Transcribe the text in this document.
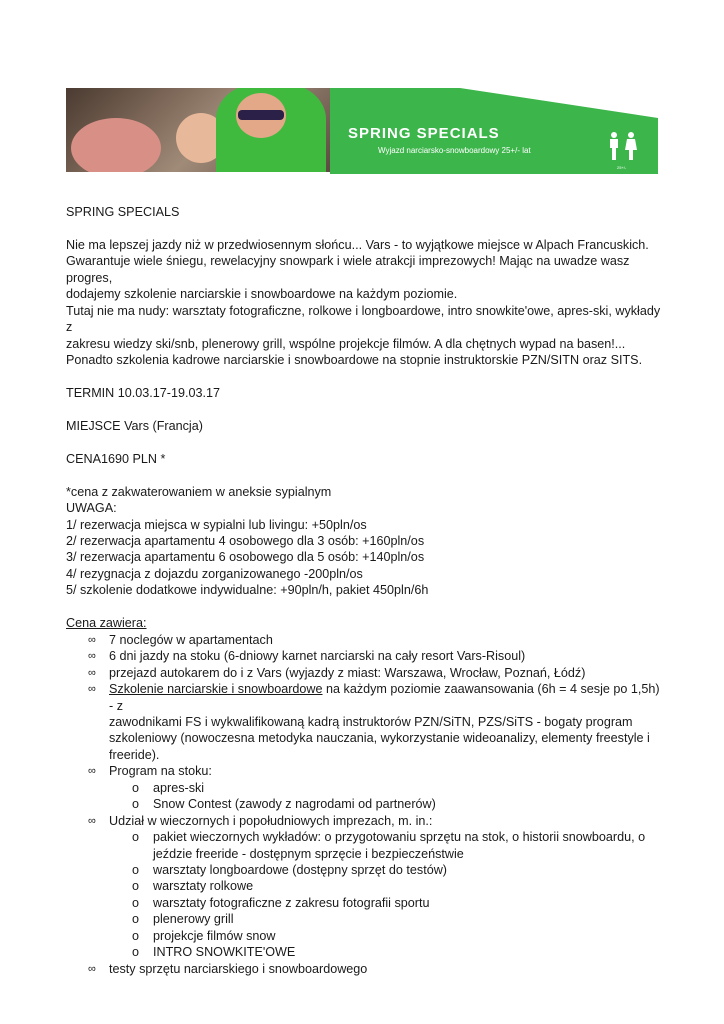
SPRING SPECIALS
Wyjazd narciarsko-snowboardowy 25+/- lat
25+/-

SPRING SPECIALS

Nie ma lepszej jazdy niż w przedwiosennym słońcu... Vars - to wyjątkowe miejsce w Alpach Francuskich.

Gwarantuje wiele śniegu, rewelacyjny snowpark i wiele atrakcji imprezowych! Mając na uwadze wasz progres,

dodajemy szkolenie narciarskie i snowboardowe na każdym poziomie.

Tutaj nie ma nudy: warsztaty fotograficzne, rolkowe i longboardowe, intro snowkite'owe, apres-ski, wykłady z

zakresu wiedzy ski/snb, plenerowy grill, wspólne projekcje filmów. A dla chętnych wypad na basen!...

Ponadto szkolenia kadrowe narciarskie i snowboardowe na stopnie instruktorskie PZN/SITN oraz SITS.

TERMIN 10.03.17-19.03.17

MIEJSCE Vars (Francja)

CENA1690 PLN *

*cena z zakwaterowaniem w aneksie sypialnym

UWAGA:

1/ rezerwacja miejsca w sypialni lub livingu: +50pln/os

2/ rezerwacja apartamentu 4 osobowego dla 3 osób: +160pln/os

3/ rezerwacja apartamentu 6 osobowego dla 5 osób: +140pln/os

4/ rezygnacja z dojazdu zorganizowanego -200pln/os

5/ szkolenie dodatkowe indywidualne: +90pln/h, pakiet 450pln/6h

Cena zawiera:

∞ 7 noclegów w apartamentach
∞ 6 dni jazdy na stoku (6-dniowy karnet narciarski na cały resort Vars-Risoul)
∞ przejazd autokarem do i z Vars (wyjazdy z miast: Warszawa, Wrocław, Poznań, Łódź)
∞ Szkolenie narciarskie i snowboardowe na każdym poziomie zaawansowania (6h = 4 sesje po 1,5h) - z
zawodnikami FS i wykwalifikowaną kadrą instruktorów PZN/SiTN, PZS/SiTS - bogaty program
szkoleniowy (nowoczesna metodyka nauczania, wykorzystanie wideoanalizy, elementy freestyle i
freeride).
∞ Program na stoku:
o apres-ski
o Snow Contest (zawody z nagrodami od partnerów)
∞ Udział w wieczornych i popołudniowych imprezach, m. in.:
o pakiet wieczornych wykładów: o przygotowaniu sprzętu na stok, o historii snowboardu, o
jeździe freeride - dostępnym sprzęcie i bezpieczeństwie
o warsztaty longboardowe (dostępny sprzęt do testów)
o warsztaty rolkowe
o warsztaty fotograficzne z zakresu fotografii sportu
o plenerowy grill
o projekcje filmów snow
o INTRO SNOWKITE'OWE
∞ testy sprzętu narciarskiego i snowboardowego
